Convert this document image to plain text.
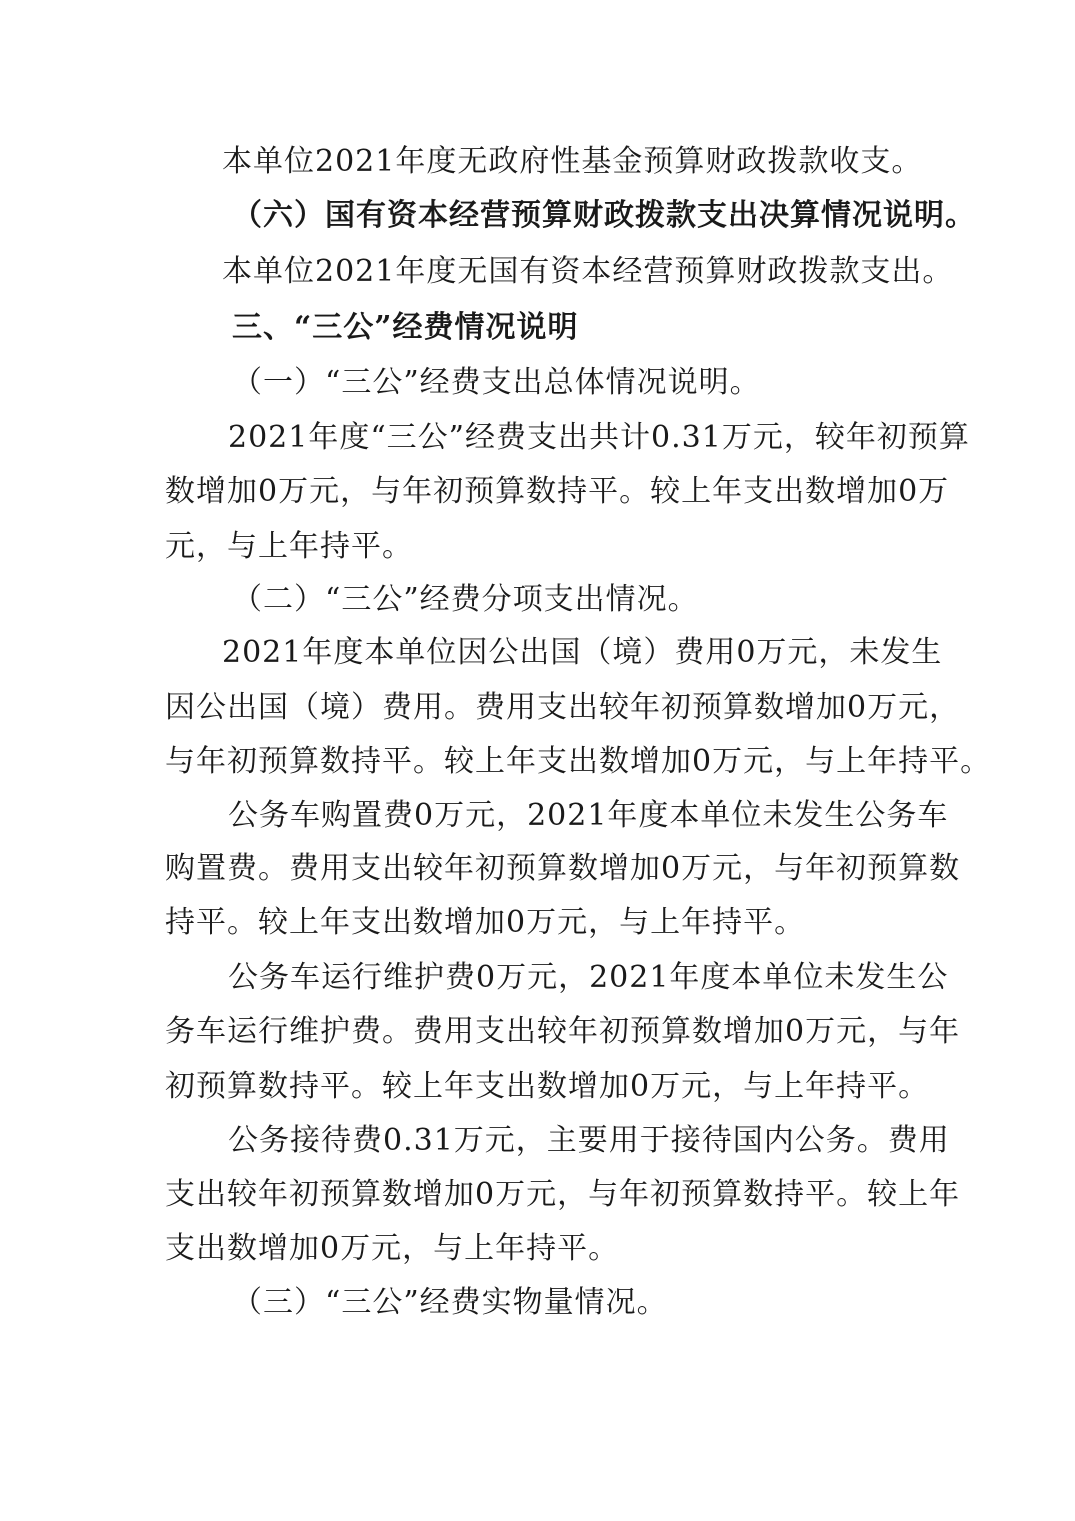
本单位2021年度无政府性基金预算财政拨款收支。
（六）国有资本经营预算财政拨款支出决算情况说明。
本单位2021年度无国有资本经营预算财政拨款支出。
三、“三公”经费情况说明
（一）“三公”经费支出总体情况说明。
2021年度“三公”经费支出共计0.31万元，较年初预算
数增加0万元，与年初预算数持平。较上年支出数增加0万
元，与上年持平。
（二）“三公”经费分项支出情况。
2021年度本单位因公出国（境）费用0万元，未发生
因公出国（境）费用。费用支出较年初预算数增加0万元，
与年初预算数持平。较上年支出数增加0万元，与上年持平。
公务车购置费0万元，2021年度本单位未发生公务车
购置费。费用支出较年初预算数增加0万元，与年初预算数
持平。较上年支出数增加0万元，与上年持平。
公务车运行维护费0万元，2021年度本单位未发生公
务车运行维护费。费用支出较年初预算数增加0万元，与年
初预算数持平。较上年支出数增加0万元，与上年持平。
公务接待费0.31万元，主要用于接待国内公务。费用
支出较年初预算数增加0万元，与年初预算数持平。较上年
支出数增加0万元，与上年持平。
（三）“三公”经费实物量情况。
